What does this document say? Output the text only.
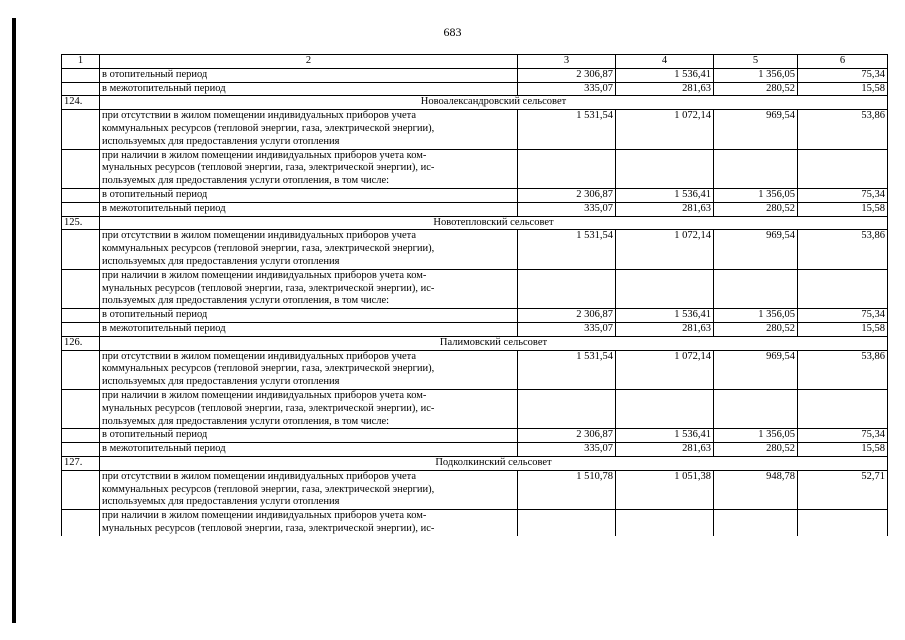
683
1	2	3	4	5	6
	в отопительный период	2 306,87	1 536,41	1 356,05	75,34
	в межотопительный период	335,07	281,63	280,52	15,58
124.	Новоалександровский сельсовет				
	при отсутствии в жилом помещении индивидуальных приборов учета
коммунальных ресурсов (тепловой энергии, газа, электрической энергии),
используемых для предоставления услуги отопления	1 531,54	1 072,14	969,54	53,86
	при наличии в жилом помещении индивидуальных приборов учета ком-
мунальных ресурсов (тепловой энергии, газа, электрической энергии), ис-
пользуемых для предоставления услуги отопления, в том числе:				
	в отопительный период	2 306,87	1 536,41	1 356,05	75,34
	в межотопительный период	335,07	281,63	280,52	15,58
125.	Новотепловский сельсовет				
	при отсутствии в жилом помещении индивидуальных приборов учета
коммунальных ресурсов (тепловой энергии, газа, электрической энергии),
используемых для предоставления услуги отопления	1 531,54	1 072,14	969,54	53,86
	при наличии в жилом помещении индивидуальных приборов учета ком-
мунальных ресурсов (тепловой энергии, газа, электрической энергии), ис-
пользуемых для предоставления услуги отопления, в том числе:				
	в отопительный период	2 306,87	1 536,41	1 356,05	75,34
	в межотопительный период	335,07	281,63	280,52	15,58
126.	Палимовский сельсовет				
	при отсутствии в жилом помещении индивидуальных приборов учета
коммунальных ресурсов (тепловой энергии, газа, электрической энергии),
используемых для предоставления услуги отопления	1 531,54	1 072,14	969,54	53,86
	при наличии в жилом помещении индивидуальных приборов учета ком-
мунальных ресурсов (тепловой энергии, газа, электрической энергии), ис-
пользуемых для предоставления услуги отопления, в том числе:				
	в отопительный период	2 306,87	1 536,41	1 356,05	75,34
	в межотопительный период	335,07	281,63	280,52	15,58
127.	Подколкинский сельсовет				
	при отсутствии в жилом помещении индивидуальных приборов учета
коммунальных ресурсов (тепловой энергии, газа, электрической энергии),
используемых для предоставления услуги отопления	1 510,78	1 051,38	948,78	52,71
	при наличии в жилом помещении индивидуальных приборов учета ком-
мунальных ресурсов (тепловой энергии, газа, электрической энергии), ис-				
